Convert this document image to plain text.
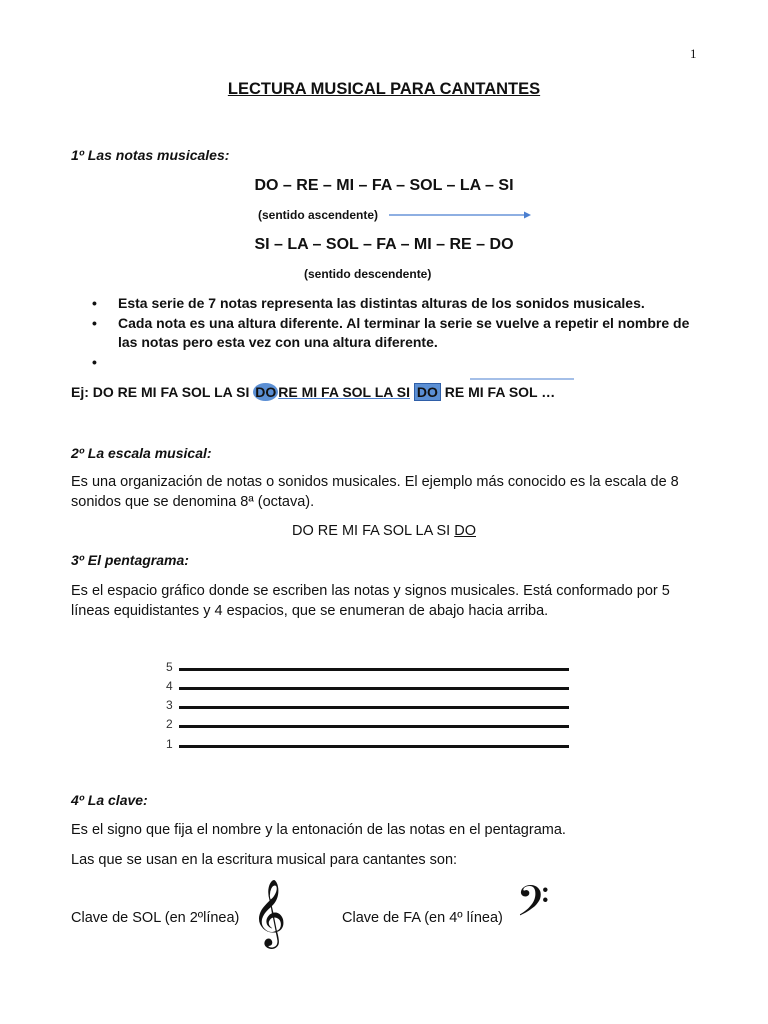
1
LECTURA MUSICAL PARA CANTANTES
1º Las notas musicales:
DO – RE – MI – FA – SOL – LA – SI
(sentido ascendente)
SI – LA – SOL – FA – MI – RE – DO
(sentido descendente)
• Esta serie de 7 notas representa las distintas alturas de los sonidos musicales.
• Cada nota es una altura diferente. Al terminar la serie se vuelve a repetir el nombre de las notas pero esta vez con una altura diferente.
•
Ej: DO RE MI FA SOL LA SI DO RE MI FA SOL LA SI DO RE MI FA SOL …
2º La escala musical:
Es una organización de notas o sonidos musicales. El ejemplo más conocido es la escala de 8 sonidos que se denomina 8ª (octava).
DO RE MI FA SOL LA SI DO
3º El pentagrama:
Es el espacio gráfico donde se escriben las notas y signos musicales. Está conformado por 5 líneas equidistantes y 4 espacios, que se enumeran de abajo hacia arriba.
5
4
3
2
1
4º La clave:
Es el signo que fija el nombre y la entonación de las notas en el pentagrama.
Las que se usan en la escritura musical para cantantes son:
Clave de SOL (en 2ºlínea) 𝄞	Clave de FA (en 4º línea) 𝄢
